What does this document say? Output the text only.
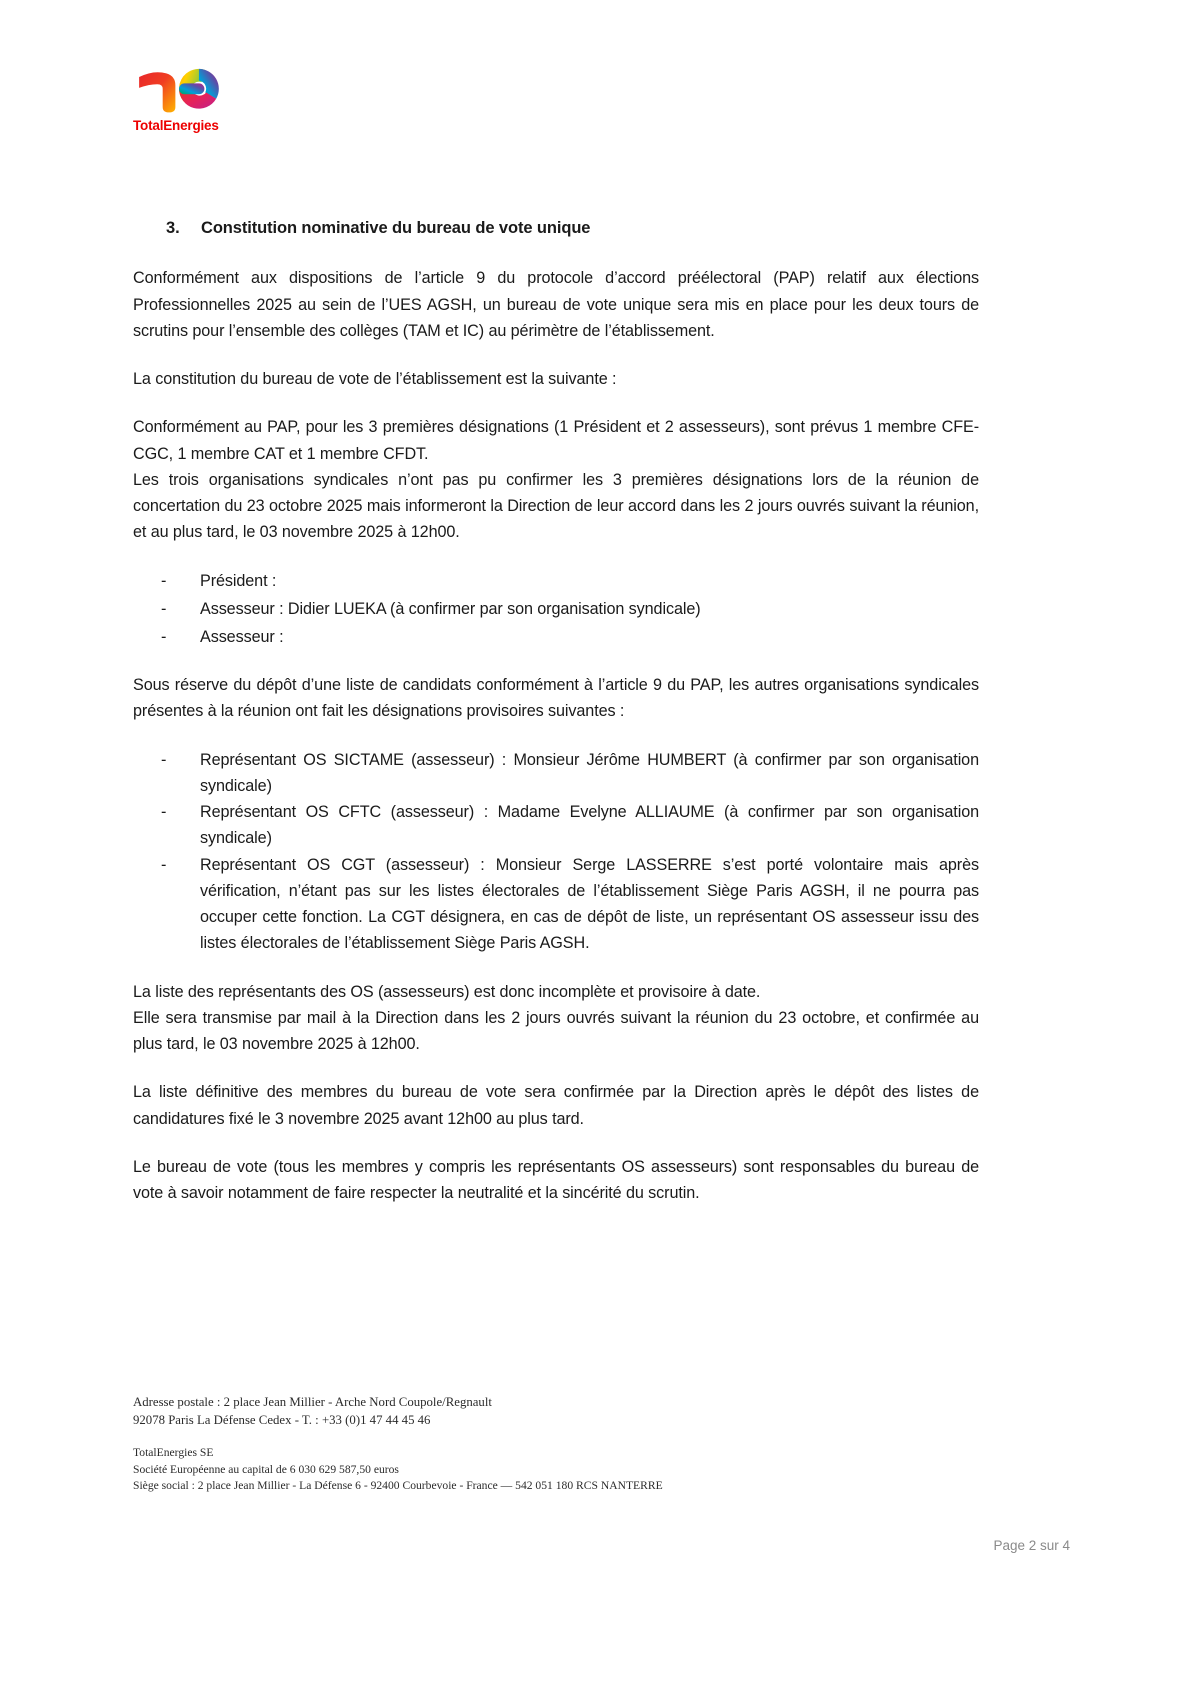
TotalEnergies
3.	Constitution nominative du bureau de vote unique

Conformément aux dispositions de l’article 9 du protocole d’accord préélectoral (PAP) relatif aux élections Professionnelles 2025 au sein de l’UES AGSH, un bureau de vote unique sera mis en place pour les deux tours de scrutins pour l’ensemble des collèges (TAM et IC) au périmètre de l’établissement.

La constitution du bureau de vote de l’établissement est la suivante :

Conformément au PAP, pour les 3 premières désignations (1 Président et 2 assesseurs), sont prévus 1 membre CFE-CGC, 1 membre CAT et 1 membre CFDT.

Les trois organisations syndicales n’ont pas pu confirmer les 3 premières désignations lors de la réunion de concertation du 23 octobre 2025 mais informeront la Direction de leur accord dans les 2 jours ouvrés suivant la réunion, et au plus tard, le 03 novembre 2025 à 12h00.

- Président :
- Assesseur : Didier LUEKA (à confirmer par son organisation syndicale)
- Assesseur :

Sous réserve du dépôt d’une liste de candidats conformément à l’article 9 du PAP, les autres organisations syndicales présentes à la réunion ont fait les désignations provisoires suivantes :

- Représentant OS SICTAME (assesseur) : Monsieur Jérôme HUMBERT (à confirmer par son organisation syndicale)
- Représentant OS CFTC (assesseur) : Madame Evelyne ALLIAUME (à confirmer par son organisation syndicale)
- Représentant OS CGT (assesseur) : Monsieur Serge LASSERRE s’est porté volontaire mais après vérification, n’étant pas sur les listes électorales de l’établissement Siège Paris AGSH, il ne pourra pas occuper cette fonction. La CGT désignera, en cas de dépôt de liste, un représentant OS assesseur issu des listes électorales de l’établissement Siège Paris AGSH.

La liste des représentants des OS (assesseurs) est donc incomplète et provisoire à date.

Elle sera transmise par mail à la Direction dans les 2 jours ouvrés suivant la réunion du 23 octobre, et confirmée au plus tard, le 03 novembre 2025 à 12h00.

La liste définitive des membres du bureau de vote sera confirmée par la Direction après le dépôt des listes de candidatures fixé le 3 novembre 2025 avant 12h00 au plus tard.

Le bureau de vote (tous les membres y compris les représentants OS assesseurs) sont responsables du bureau de vote à savoir notamment de faire respecter la neutralité et la sincérité du scrutin.

Adresse postale : 2 place Jean Millier - Arche Nord Coupole/Regnault
92078 Paris La Défense Cedex - T. : +33 (0)1 47 44 45 46

TotalEnergies SE
Société Européenne au capital de 6 030 629 587,50 euros
Siège social : 2 place Jean Millier - La Défense 6 - 92400 Courbevoie - France — 542 051 180 RCS NANTERRE
Page 2 sur 4
